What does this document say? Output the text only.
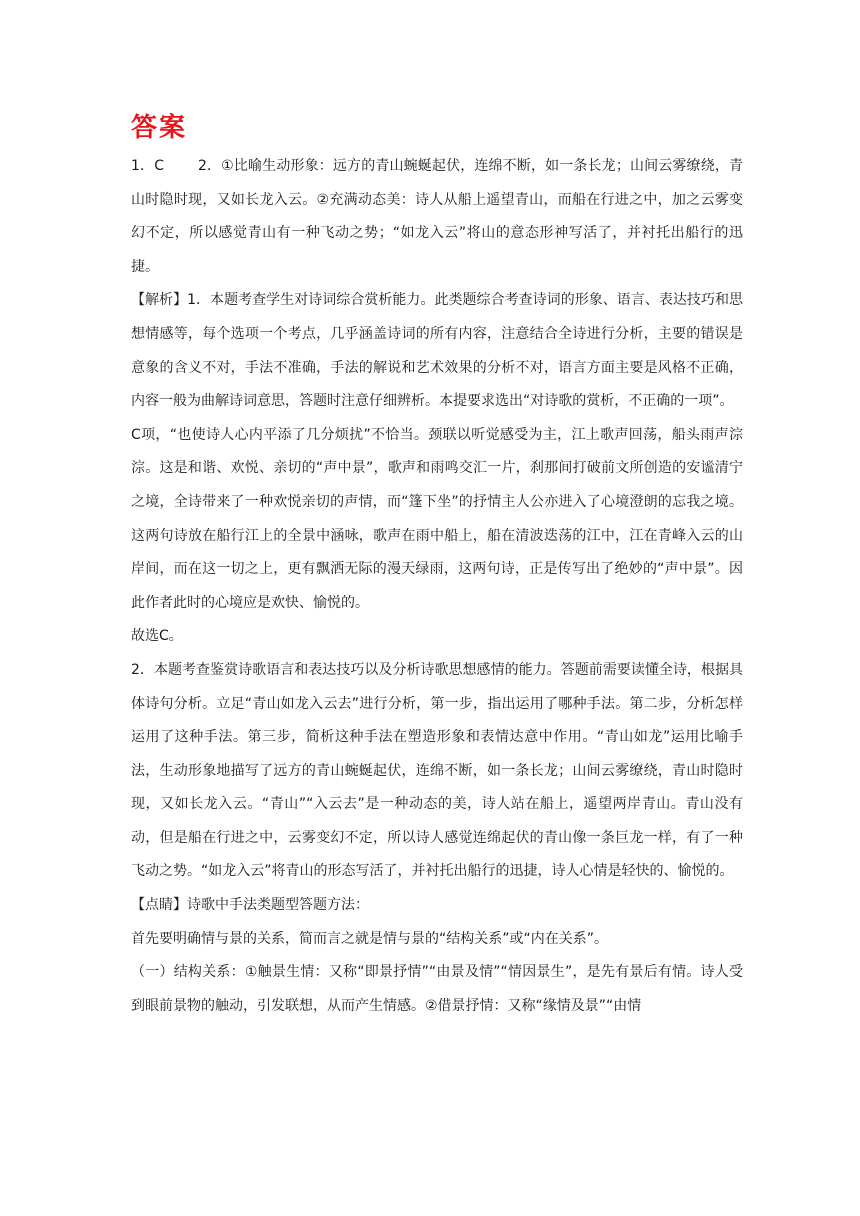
答案

1．C 2．①比喻生动形象：远方的青山蜿蜒起伏，连绵不断，如一条长龙；山间云雾缭绕，青山时隐时现，又如长龙入云。②充满动态美：诗人从船上遥望青山，而船在行进之中，加之云雾变幻不定，所以感觉青山有一种飞动之势；“如龙入云”将山的意态形神写活了，并衬托出船行的迅捷。

【解析】1．本题考查学生对诗词综合赏析能力。此类题综合考查诗词的形象、语言、表达技巧和思想情感等，每个选项一个考点，几乎涵盖诗词的所有内容，注意结合全诗进行分析，主要的错误是意象的含义不对，手法不准确，手法的解说和艺术效果的分析不对，语言方面主要是风格不正确，内容一般为曲解诗词意思，答题时注意仔细辨析。本提要求选出“对诗歌的赏析，不正确的一项”。

C项，“也使诗人心内平添了几分烦扰”不恰当。颈联以听觉感受为主，江上歌声回荡，船头雨声淙淙。这是和谐、欢悦、亲切的“声中景”，歌声和雨鸣交汇一片，刹那间打破前文所创造的安谧清宁之境，全诗带来了一种欢悦亲切的声情，而“篷下坐”的抒情主人公亦进入了心境澄朗的忘我之境。这两句诗放在船行江上的全景中涵咏，歌声在雨中船上，船在清波迭荡的江中，江在青峰入云的山岸间，而在这一切之上，更有飘洒无际的漫天绿雨，这两句诗，正是传写出了绝妙的“声中景”。因此作者此时的心境应是欢快、愉悦的。

故选C。

2．本题考查鉴赏诗歌语言和表达技巧以及分析诗歌思想感情的能力。答题前需要读懂全诗，根据具体诗句分析。立足“青山如龙入云去”进行分析，第一步，指出运用了哪种手法。第二步，分析怎样运用了这种手法。第三步，简析这种手法在塑造形象和表情达意中作用。“青山如龙”运用比喻手法，生动形象地描写了远方的青山蜿蜒起伏，连绵不断，如一条长龙；山间云雾缭绕，青山时隐时现，又如长龙入云。“青山”“入云去”是一种动态的美，诗人站在船上，遥望两岸青山。青山没有动，但是船在行进之中，云雾变幻不定，所以诗人感觉连绵起伏的青山像一条巨龙一样，有了一种飞动之势。“如龙入云”将青山的形态写活了，并衬托出船行的迅捷，诗人心情是轻快的、愉悦的。

【点睛】诗歌中手法类题型答题方法：

首先要明确情与景的关系，简而言之就是情与景的“结构关系”或“内在关系”。

（一）结构关系：①触景生情：又称“即景抒情”“由景及情”“情因景生”，是先有景后有情。诗人受到眼前景物的触动，引发联想，从而产生情感。②借景抒情：又称“缘情及景”“由情
